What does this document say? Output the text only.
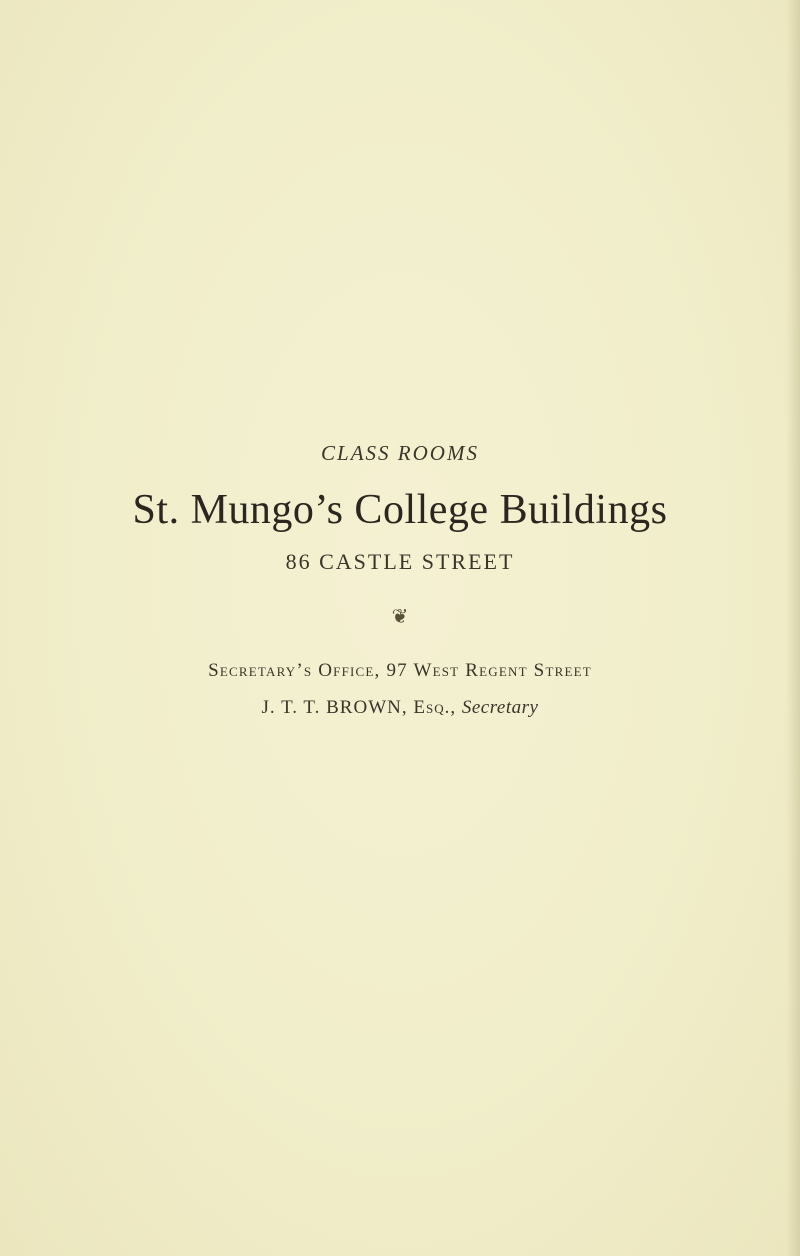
CLASS ROOMS
St. Mungo’s College Buildings
86 CASTLE STREET
❦
Secretary’s Office, 97 West Regent Street
J. T. T. BROWN, Esq., Secretary
